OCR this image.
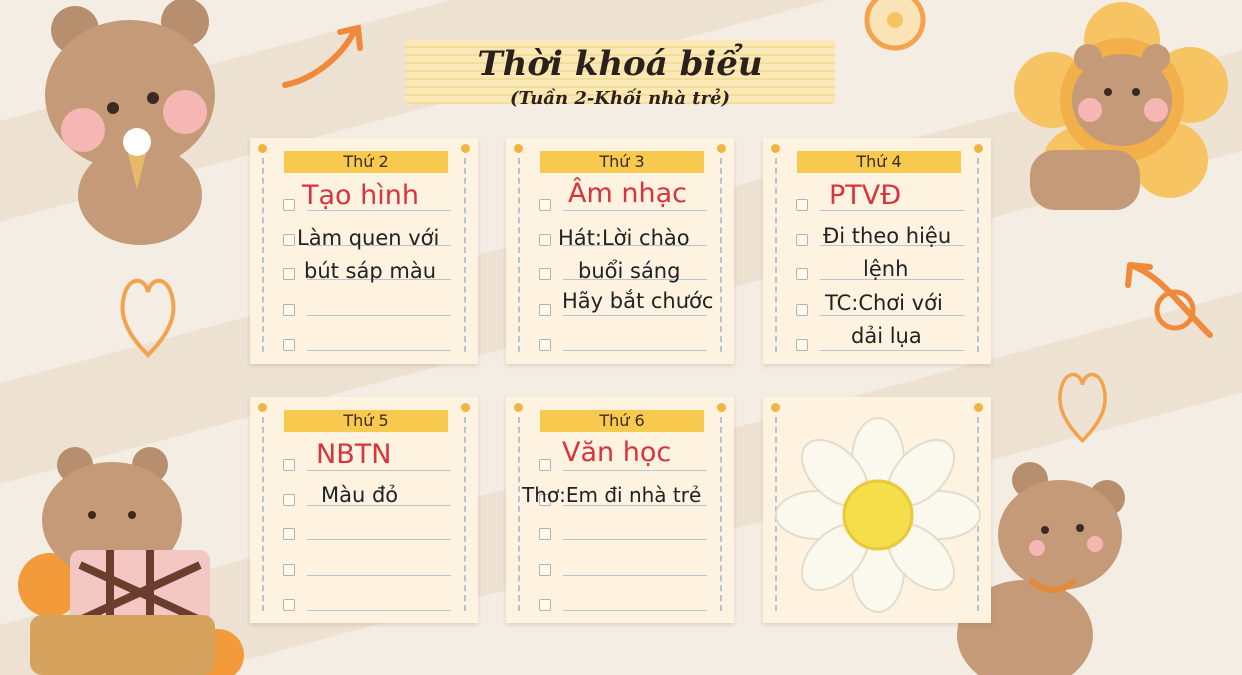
Thời khoá biểu
(Tuần 2-Khối nhà trẻ)
Thứ 2
Tạo hình
Làm quen với
bút sáp màu
Thứ 3
Âm nhạc
Hát:Lời chào
buổi sáng
Hãy bắt chước
Thứ 4
PTVĐ
Đi theo hiệu
lệnh
TC:Chơi với
dải lụa
Thứ 5
NBTN
Màu đỏ
Thứ 6
Văn học
Thơ:Em đi nhà trẻ
